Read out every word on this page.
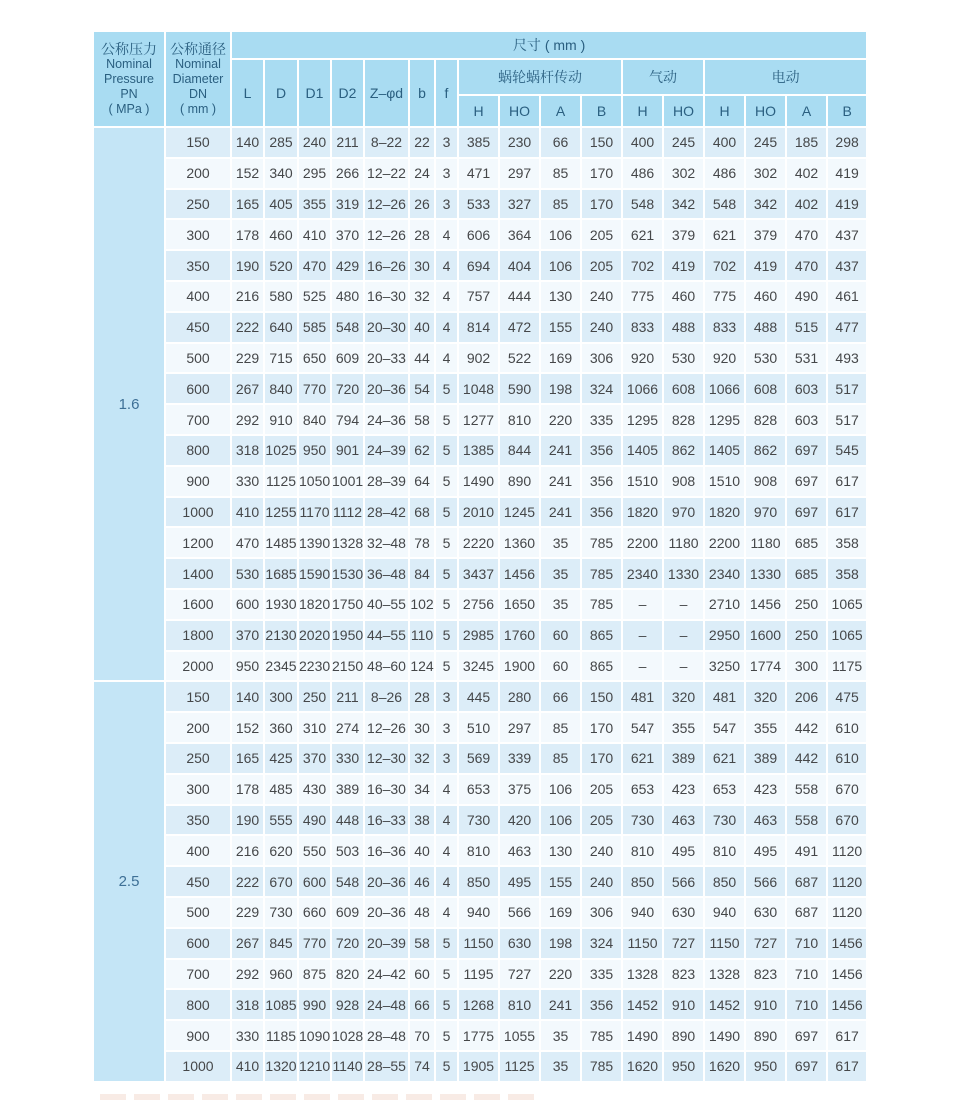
公称压力
Nominal
Pressure
PN
( MPa )

公称通径
Nominal
Diameter
DN
( mm )
	尺寸 ( mm )
		L	D	D1	D2	Z–φd	b	f	蜗轮蜗杆传动				气动		电动			
									H	HO	A	B	H	HO	H	HO	A	B
1.6	150	140	285	240	211	8–22	22	3	385	230	66	150	400	245	400	245	185	298
	200	152	340	295	266	12–22	24	3	471	297	85	170	486	302	486	302	402	419
	250	165	405	355	319	12–26	26	3	533	327	85	170	548	342	548	342	402	419
	300	178	460	410	370	12–26	28	4	606	364	106	205	621	379	621	379	470	437
	350	190	520	470	429	16–26	30	4	694	404	106	205	702	419	702	419	470	437
	400	216	580	525	480	16–30	32	4	757	444	130	240	775	460	775	460	490	461
	450	222	640	585	548	20–30	40	4	814	472	155	240	833	488	833	488	515	477
	500	229	715	650	609	20–33	44	4	902	522	169	306	920	530	920	530	531	493
	600	267	840	770	720	20–36	54	5	1048	590	198	324	1066	608	1066	608	603	517
	700	292	910	840	794	24–36	58	5	1277	810	220	335	1295	828	1295	828	603	517
	800	318	1025	950	901	24–39	62	5	1385	844	241	356	1405	862	1405	862	697	545
	900	330	1125	1050	1001	28–39	64	5	1490	890	241	356	1510	908	1510	908	697	617
	1000	410	1255	1170	1112	28–42	68	5	2010	1245	241	356	1820	970	1820	970	697	617
	1200	470	1485	1390	1328	32–48	78	5	2220	1360	35	785	2200	1180	2200	1180	685	358
	1400	530	1685	1590	1530	36–48	84	5	3437	1456	35	785	2340	1330	2340	1330	685	358
	1600	600	1930	1820	1750	40–55	102	5	2756	1650	35	785	–	–	2710	1456	250	1065
	1800	370	2130	2020	1950	44–55	110	5	2985	1760	60	865	–	–	2950	1600	250	1065
	2000	950	2345	2230	2150	48–60	124	5	3245	1900	60	865	–	–	3250	1774	300	1175
2.5	150	140	300	250	211	8–26	28	3	445	280	66	150	481	320	481	320	206	475
	200	152	360	310	274	12–26	30	3	510	297	85	170	547	355	547	355	442	610
	250	165	425	370	330	12–30	32	3	569	339	85	170	621	389	621	389	442	610
	300	178	485	430	389	16–30	34	4	653	375	106	205	653	423	653	423	558	670
	350	190	555	490	448	16–33	38	4	730	420	106	205	730	463	730	463	558	670
	400	216	620	550	503	16–36	40	4	810	463	130	240	810	495	810	495	491	1120
	450	222	670	600	548	20–36	46	4	850	495	155	240	850	566	850	566	687	1120
	500	229	730	660	609	20–36	48	4	940	566	169	306	940	630	940	630	687	1120
	600	267	845	770	720	20–39	58	5	1150	630	198	324	1150	727	1150	727	710	1456
	700	292	960	875	820	24–42	60	5	1195	727	220	335	1328	823	1328	823	710	1456
	800	318	1085	990	928	24–48	66	5	1268	810	241	356	1452	910	1452	910	710	1456
	900	330	1185	1090	1028	28–48	70	5	1775	1055	35	785	1490	890	1490	890	697	617
	1000	410	1320	1210	1140	28–55	74	5	1905	1125	35	785	1620	950	1620	950	697	617
